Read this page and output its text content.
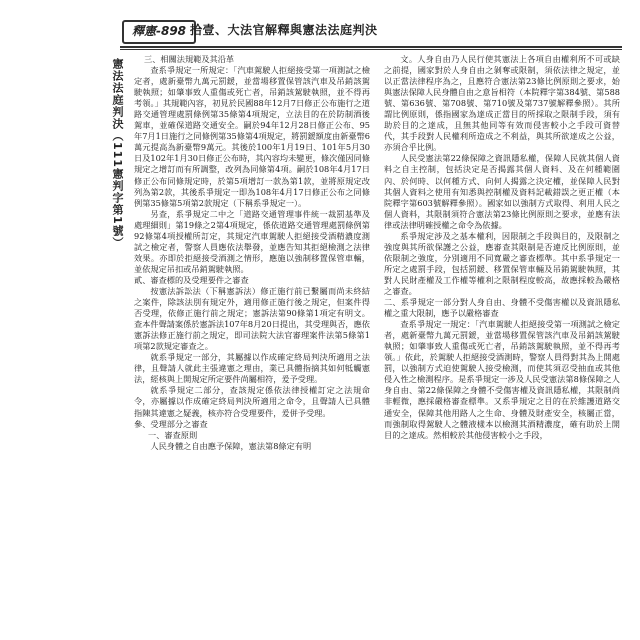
釋憲-898 拾壹、大法官解釋與憲法法庭判決
憲法法庭判決（111憲判字第1號）	三、相關法規範及其沿革

查系爭規定一所規定：「汽車駕駛人拒絕接受第一項測試之檢定者，處新臺幣九萬元罰鍰，並當場移置保管該汽車及吊銷該駕駛執照；如肇事致人重傷或死亡者，吊銷該駕駛執照，並不得再考領。」其規範內容，初見於民國88年12月7日修正公布施行之道路交通管理處罰條例第35條第4項規定，立法目的在於防制酒後駕車，並確保道路交通安全。嗣於94年12月28日修正公布、95年7月1日施行之同條例第35條第4項規定，將罰鍰額度由新臺幣6萬元提高為新臺幣9萬元。其後於100年1月19日、101年5月30日及102年1月30日修正公布時，其內容均未變更，條次僅因同條規定之增訂而有所調整，改列為同條第4項。嗣於108年4月17日修正公布同條規定時，於第5項增訂一款為第1款，並將原規定改列為第2款，其後系爭規定一即為108年4月17日修正公布之同條例第35條第5項第2款規定（下稱系爭規定一）。

另查，系爭規定二中之「道路交通管理事件統一裁罰基準及處理細則」第19條之2第4項規定，係依道路交通管理處罰條例第92條第4項授權所訂定，其規定汽車駕駛人拒絕接受酒精濃度測試之檢定者，警察人員應依法舉發，並應告知其拒絕檢測之法律效果。亦即於拒絕接受酒測之情形，應施以強制移置保管車輛，並依規定吊扣或吊銷駕駛執照。

貳、審查標的及受理要件之審查

按憲法訴訟法（下稱憲訴法）修正施行前已繫屬而尚未終結之案件，除該法別有規定外，適用修正施行後之規定，但案件得否受理，依修正施行前之規定；憲訴法第90條第1項定有明文。查本件聲請案係於憲訴法107年8月20日提出，其受理與否，應依憲訴法修正施行前之規定，即司法院大法官審理案件法第5條第1項第2款規定審查之。

就系爭規定一部分，其屬據以作成確定終局判決所適用之法律，且聲請人就此主張違憲之理由，業已具體指摘其如何牴觸憲法，經核與上開規定所定要件尚屬相符，爰予受理。

就系爭規定二部分，查該規定係依法律授權訂定之法規命令，亦屬據以作成確定終局判決所適用之命令，且聲請人已具體指陳其違憲之疑義，核亦符合受理要件，爰併予受理。

參、受理部分之審查

一、審查原則

人民身體之自由應予保障，憲法第8條定有明

文。人身自由乃人民行使其憲法上各項自由權利所不可或缺之前提，國家對於人身自由之剝奪或限制，須依法律之規定，並以正當法律程序為之，且應符合憲法第23條比例原則之要求，始與憲法保障人民身體自由之意旨相符（本院釋字第384號、第588號、第636號、第708號、第710號及第737號解釋參照）。其所謂比例原則，係指國家為達成正當目的所採取之限制手段，須有助於目的之達成，且無其他同等有效而侵害較小之手段可資替代，其手段對人民權利所造成之不利益，與其所欲達成之公益，亦須合乎比例。

人民受憲法第22條保障之資訊隱私權，保障人民就其個人資料之自主控制，包括決定是否揭露其個人資料、及在何種範圍內、於何時、以何種方式、向何人揭露之決定權，並保障人民對其個人資料之使用有知悉與控制權及資料記載錯誤之更正權（本院釋字第603號解釋參照）。國家如以強制方式取得、利用人民之個人資料，其限制須符合憲法第23條比例原則之要求，並應有法律或法律明確授權之命令為依據。

系爭規定涉及之基本權利，因限制之手段與目的，及限制之強度與其所欲保護之公益，應審查其限制是否違反比例原則，並依限制之強度，分別適用不同寬嚴之審查標準。其中系爭規定一所定之處罰手段，包括罰鍰、移置保管車輛及吊銷駕駛執照，其對人民財產權及工作權等權利之限制程度較高，故應採較為嚴格之審查。

二、系爭規定一部分對人身自由、身體不受傷害權以及資訊隱私權之重大限制，應予以嚴格審查

查系爭規定一規定：「汽車駕駛人拒絕接受第一項測試之檢定者，處新臺幣九萬元罰鍰，並當場移置保管該汽車及吊銷該駕駛執照；如肇事致人重傷或死亡者，吊銷該駕駛執照，並不得再考領。」依此，於駕駛人拒絕接受酒測時，警察人員得對其為上開處罰，以強制方式迫使駕駛人接受檢測，而使其須忍受抽血或其他侵入性之檢測程序。是系爭規定一涉及人民受憲法第8條保障之人身自由、第22條保障之身體不受傷害權及資訊隱私權，其限制尚非輕微，應採嚴格審查標準。又系爭規定之目的在於維護道路交通安全，保障其他用路人之生命、身體及財產安全，核屬正當，而強制取得駕駛人之體液樣本以檢測其酒精濃度，確有助於上開目的之達成。然相較於其他侵害較小之手段，
